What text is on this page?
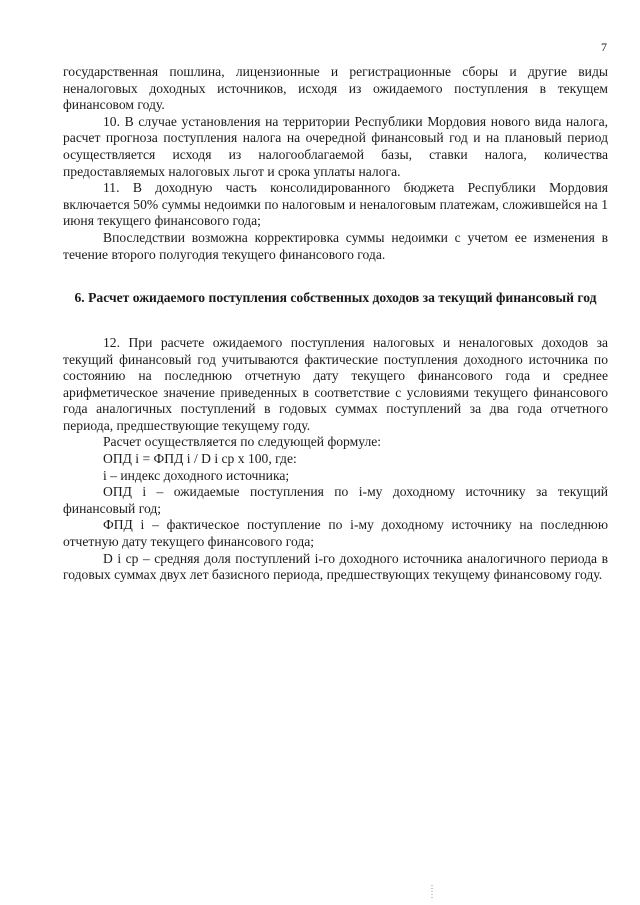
7

государственная пошлина, лицензионные и регистрационные сборы и другие виды неналоговых доходных источников, исходя из ожидаемого поступления в текущем финансовом году.

10. В случае установления на территории Республики Мордовия нового вида налога, расчет прогноза поступления налога на очередной финансовый год и на плановый период осуществляется исходя из налогооблагаемой базы, ставки налога, количества предоставляемых налоговых льгот и срока уплаты налога.

11. В доходную часть консолидированного бюджета Республики Мордовия включается 50% суммы недоимки по налоговым и неналоговым платежам, сложившейся на 1 июня текущего финансового года;

Впоследствии возможна корректировка суммы недоимки с учетом ее изменения в течение второго полугодия текущего финансового года.

6. Расчет ожидаемого поступления собственных доходов за текущий финансовый год

12. При расчете ожидаемого поступления налоговых и неналоговых доходов за текущий финансовый год учитываются фактические поступления доходного источника по состоянию на последнюю отчетную дату текущего финансового года и среднее арифметическое значение приведенных в соответствие с условиями текущего финансового года аналогичных поступлений в годовых суммах поступлений за два года отчетного периода, предшествующие текущему году.

Расчет осуществляется по следующей формуле:

ОПД i = ФПД i / D i ср х 100, где:

i – индекс доходного источника;

ОПД i – ожидаемые поступления по i-му доходному источнику за текущий финансовый год;

ФПД i – фактическое поступление по i-му доходному источнику на последнюю отчетную дату текущего финансового года;

D i ср – средняя доля поступлений i-го доходного источника аналогичного периода в годовых суммах двух лет базисного периода, предшествующих текущему финансовому году.
